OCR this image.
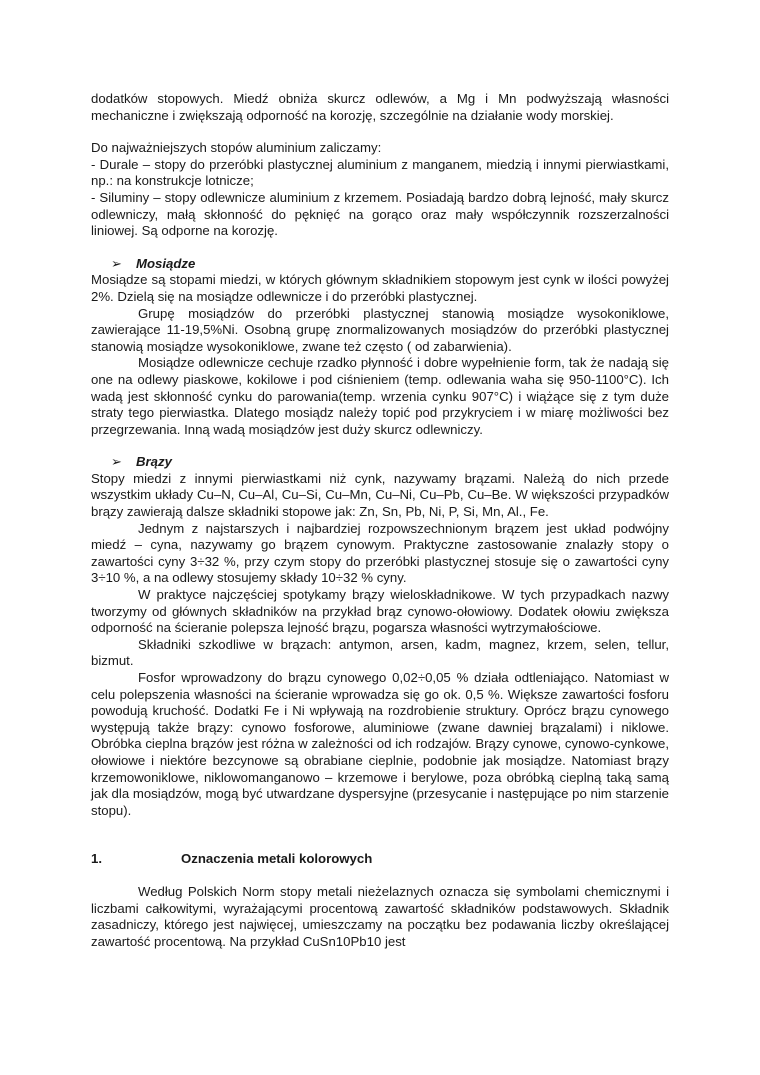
dodatków stopowych. Miedź obniża skurcz odlewów, a Mg i Mn podwyższają własności mechaniczne i zwiększają odporność na korozję, szczególnie na działanie wody morskiej.

Do najważniejszych stopów aluminium zaliczamy:

- Durale – stopy do przeróbki plastycznej aluminium z manganem, miedzią i innymi pierwiastkami, np.: na konstrukcje lotnicze;

- Siluminy – stopy odlewnicze aluminium z krzemem. Posiadają bardzo dobrą lejność, mały skurcz odlewniczy, małą skłonność do pęknięć na gorąco oraz mały współczynnik rozszerzalności liniowej. Są odporne na korozję.

➢ Mosiądze

Mosiądze są stopami miedzi, w których głównym składnikiem stopowym jest cynk w ilości powyżej 2%. Dzielą się na mosiądze odlewnicze i do przeróbki plastycznej.

Grupę mosiądzów do przeróbki plastycznej stanowią mosiądze wysokoniklowe, zawierające 11-19,5%Ni. Osobną grupę znormalizowanych mosiądzów do przeróbki plastycznej stanowią mosiądze wysokoniklowe, zwane też często ( od zabarwienia).

Mosiądze odlewnicze cechuje rzadko płynność i dobre wypełnienie form, tak że nadają się one na odlewy piaskowe, kokilowe i pod ciśnieniem (temp. odlewania waha się 950-1100°C). Ich wadą jest skłonność cynku do parowania(temp. wrzenia cynku 907°C) i wiążące się z tym duże straty tego pierwiastka. Dlatego mosiądz należy topić pod przykryciem i w miarę możliwości bez przegrzewania. Inną wadą mosiądzów jest duży skurcz odlewniczy.

➢ Brązy

Stopy miedzi z innymi pierwiastkami niż cynk, nazywamy brązami. Należą do nich przede wszystkim układy Cu–N, Cu–Al, Cu–Si, Cu–Mn, Cu–Ni, Cu–Pb, Cu–Be. W większości przypadków brązy zawierają dalsze składniki stopowe jak: Zn, Sn, Pb, Ni, P, Si, Mn, Al., Fe.

Jednym z najstarszych i najbardziej rozpowszechnionym brązem jest układ podwójny miedź – cyna, nazywamy go brązem cynowym. Praktyczne zastosowanie znalazły stopy o zawartości cyny 3÷32 %, przy czym stopy do przeróbki plastycznej stosuje się o zawartości cyny 3÷10 %, a na odlewy stosujemy składy 10÷32 % cyny.

W praktyce najczęściej spotykamy brązy wieloskładnikowe. W tych przypadkach nazwy tworzymy od głównych składników na przykład brąz cynowo-ołowiowy. Dodatek ołowiu zwiększa odporność na ścieranie polepsza lejność brązu, pogarsza własności wytrzymałościowe.

Składniki szkodliwe w brązach: antymon, arsen, kadm, magnez, krzem, selen, tellur, bizmut.

Fosfor wprowadzony do brązu cynowego 0,02÷0,05 % działa odtleniająco. Natomiast w celu polepszenia własności na ścieranie wprowadza się go ok. 0,5 %. Większe zawartości fosforu powodują kruchość. Dodatki Fe i Ni wpływają na rozdrobienie struktury. Oprócz brązu cynowego występują także brązy: cynowo fosforowe, aluminiowe (zwane dawniej brązalami) i niklowe. Obróbka cieplna brązów jest różna w zależności od ich rodzajów. Brązy cynowe, cynowo-cynkowe, ołowiowe i niektóre bezcynowe są obrabiane cieplnie, podobnie jak mosiądze. Natomiast brązy krzemowoniklowe, niklowomanganowo – krzemowe i berylowe, poza obróbką cieplną taką samą jak dla mosiądzów, mogą być utwardzane dyspersyjne (przesycanie i następujące po nim starzenie stopu).

1.	Oznaczenia metali kolorowych

Według Polskich Norm stopy metali nieżelaznych oznacza się symbolami chemicznymi i liczbami całkowitymi, wyrażającymi procentową zawartość składników podstawowych. Składnik zasadniczy, którego jest najwięcej, umieszczamy na początku bez podawania liczby określającej zawartość procentową. Na przykład CuSn10Pb10 jest
